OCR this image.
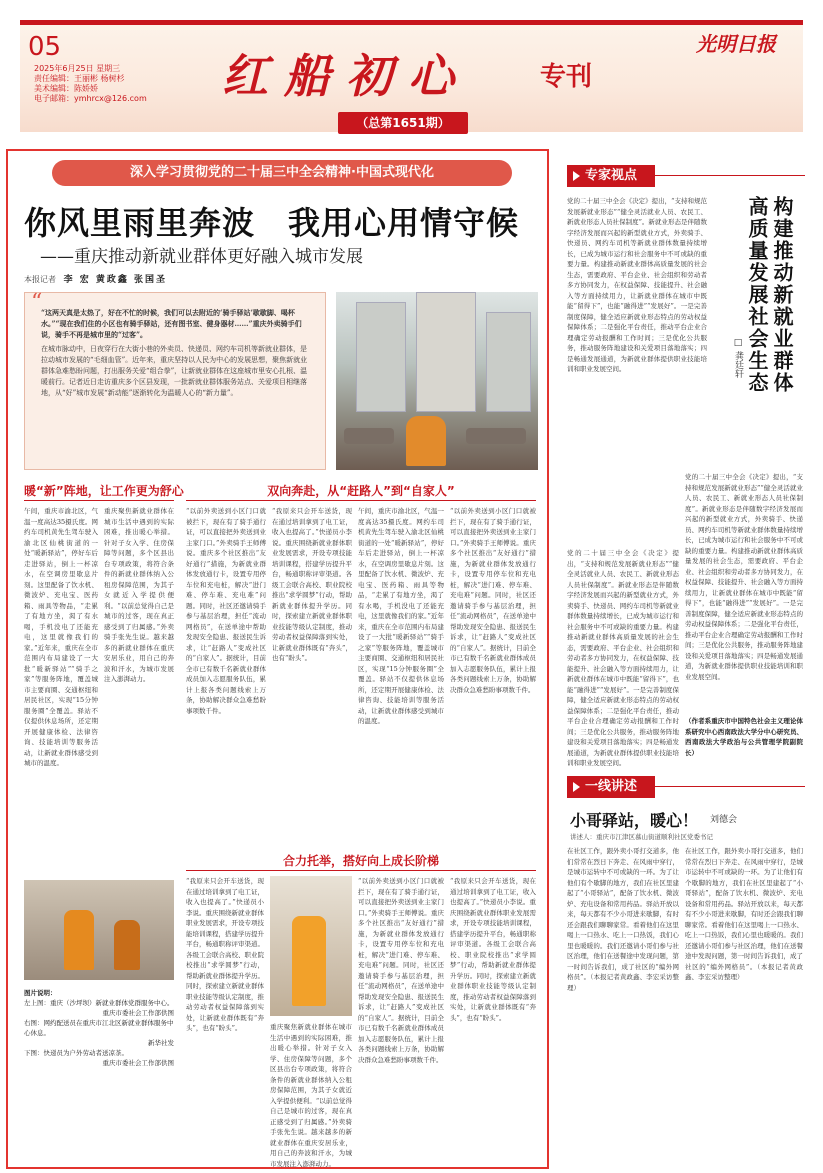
05
2025年6月25日 星期三
责任编辑：王丽彬 杨树杉
美术编辑：陈娇娇
电子邮箱：ymhrcx@126.com 红船初心	专刊
光明日报
（总第1651期）
深入学习贯彻党的二十届三中全会精神·中国式现代化
你风里雨里奔波　我用心用情守候
——重庆推动新就业群体更好融入城市发展
本报记者 李 宏 黄政鑫 张国圣
“

“这两天真是太热了，好在不忙的时候，我们可以去附近的‘骑手驿站’歇歇脚、喝杯水。”“现在我们住的小区也有骑手驿站，还有图书室、健身器材……”重庆外卖骑手们说，骑手不再是城市里的“过客”。

在城市脉动中，日夜穿行在大街小巷的外卖员、快递员、网约车司机等新就业群体，是拉动城市发展的“毛细血管”。近年来，重庆坚持以人民为中心的发展思想，聚焦新就业群体急难愁盼问题，打出服务关爱“组合拳”，让新就业群体在这座城市里安心扎根、温暖前行。记者近日走访重庆多个区县发现，一批新就业群体服务站点、关爱项目相继落地，从“好”城市发展“新动能”逐渐转化为温暖人心的“新力量”。

暖“新”阵地，让工作更为舒心
午间，重庆市渝北区，气温一度高达35摄氏度。网约车司机黄先生驾车驶入渝北区仙桃街道的一处“暖新驿站”，停好车后走进驿站，倒上一杯凉水，在空调房里歇息片刻。这里配备了饮水机、微波炉、充电宝、医药箱、雨具等物品，“走累了有地方坐，渴了有水喝，手机没电了还能充电，这里就像我们的家。”近年来，重庆在全市范围内布局建设了一大批“暖新驿站”“骑手之家”等服务阵地，覆盖城市主要商圈、交通枢纽和居民社区，实现“15分钟服务圈”全覆盖。驿站不仅提供休息场所，还定期开展健康体检、法律咨询、技能培训等服务活动，让新就业群体感受到城市的温度。
重庆聚焦新就业群体在城市生活中遇到的实际困难，推出暖心举措。针对子女入学、住房保障等问题，多个区县出台专项政策，将符合条件的新就业群体纳入公租房保障范围，为其子女就近入学提供便利。“以前总觉得自己是城市的过客，现在真正感受到了归属感。”外卖骑手张先生说。越来越多的新就业群体在重庆安居乐业，用自己的奔波和汗水，为城市发展注入澎湃动力。
双向奔赴，从“赶路人”到“自家人”
“以前外卖送到小区门口就被拦下，现在有了骑手通行证，可以直接把外卖送到业主家门口。”外卖骑手王师傅说。重庆多个社区推出“友好通行”措施，为新就业群体发放通行卡，设置专用停车位和充电桩，解决“进门难、停车难、充电难”问题。同时，社区还邀请骑手参与基层治理，担任“流动网格员”，在送单途中帮助发现安全隐患、报送民生诉求，让“赶路人”变成社区的“自家人”。据统计，目前全市已有数千名新就业群体成员加入志愿服务队伍，累计上报各类问题线索上万条，协助解决群众急难愁盼事项数千件。
“我原来只会开车送货，现在通过培训拿到了电工证，收入也提高了。”快递员小李说。重庆围绕新就业群体职业发展需求，开设专项技能培训课程，搭建学历提升平台，畅通职称评审渠道。各级工会联合高校、职业院校推出“求学圆梦”行动，帮助新就业群体提升学历。同时，探索建立新就业群体职业技能等级认定制度，推动劳动者权益保障落到实处，让新就业群体既有“奔头”，也有“盼头”。
午间，重庆市渝北区，气温一度高达35摄氏度。网约车司机黄先生驾车驶入渝北区仙桃街道的一处“暖新驿站”，停好车后走进驿站，倒上一杯凉水，在空调房里歇息片刻。这里配备了饮水机、微波炉、充电宝、医药箱、雨具等物品，“走累了有地方坐，渴了有水喝，手机没电了还能充电，这里就像我们的家。”近年来，重庆在全市范围内布局建设了一大批“暖新驿站”“骑手之家”等服务阵地，覆盖城市主要商圈、交通枢纽和居民社区，实现“15分钟服务圈”全覆盖。驿站不仅提供休息场所，还定期开展健康体检、法律咨询、技能培训等服务活动，让新就业群体感受到城市的温度。
“以前外卖送到小区门口就被拦下，现在有了骑手通行证，可以直接把外卖送到业主家门口。”外卖骑手王师傅说。重庆多个社区推出“友好通行”措施，为新就业群体发放通行卡，设置专用停车位和充电桩，解决“进门难、停车难、充电难”问题。同时，社区还邀请骑手参与基层治理，担任“流动网格员”，在送单途中帮助发现安全隐患、报送民生诉求，让“赶路人”变成社区的“自家人”。据统计，目前全市已有数千名新就业群体成员加入志愿服务队伍，累计上报各类问题线索上万条，协助解决群众急难愁盼事项数千件。
图片说明：
左上图：重庆（沙坪坝）新就业群体党群服务中心。
重庆市委社会工作部供图
右图：网约配送员在重庆市江北区新就业群体服务中心休息。
新华社发
下图：快递员为户外劳动者送凉茶。
重庆市委社会工作部供图
合力托举，搭好向上成长阶梯
“我原来只会开车送货，现在通过培训拿到了电工证，收入也提高了。”快递员小李说。重庆围绕新就业群体职业发展需求，开设专项技能培训课程，搭建学历提升平台，畅通职称评审渠道。各级工会联合高校、职业院校推出“求学圆梦”行动，帮助新就业群体提升学历。同时，探索建立新就业群体职业技能等级认定制度，推动劳动者权益保障落到实处，让新就业群体既有“奔头”，也有“盼头”。	重庆聚焦新就业群体在城市生活中遇到的实际困难，推出暖心举措。针对子女入学、住房保障等问题，多个区县出台专项政策，将符合条件的新就业群体纳入公租房保障范围，为其子女就近入学提供便利。“以前总觉得自己是城市的过客，现在真正感受到了归属感。”外卖骑手张先生说。越来越多的新就业群体在重庆安居乐业，用自己的奔波和汗水，为城市发展注入澎湃动力。
“以前外卖送到小区门口就被拦下，现在有了骑手通行证，可以直接把外卖送到业主家门口。”外卖骑手王师傅说。重庆多个社区推出“友好通行”措施，为新就业群体发放通行卡，设置专用停车位和充电桩，解决“进门难、停车难、充电难”问题。同时，社区还邀请骑手参与基层治理，担任“流动网格员”，在送单途中帮助发现安全隐患、报送民生诉求，让“赶路人”变成社区的“自家人”。据统计，目前全市已有数千名新就业群体成员加入志愿服务队伍，累计上报各类问题线索上万条，协助解决群众急难愁盼事项数千件。
“我原来只会开车送货，现在通过培训拿到了电工证，收入也提高了。”快递员小李说。重庆围绕新就业群体职业发展需求，开设专项技能培训课程，搭建学历提升平台，畅通职称评审渠道。各级工会联合高校、职业院校推出“求学圆梦”行动，帮助新就业群体提升学历。同时，探索建立新就业群体职业技能等级认定制度，推动劳动者权益保障落到实处，让新就业群体既有“奔头”，也有“盼头”。
专家视点
党的二十届三中全会《决定》提出，“支持和规范发展新就业形态”“健全灵活就业人员、农民工、新就业形态人员社保制度”。新就业形态是伴随数字经济发展而兴起的新型就业方式，外卖骑手、快递员、网约车司机等新就业群体数量持续增长，已成为城市运行和社会服务中不可或缺的重要力量。构建推动新就业群体高质量发展的社会生态，需要政府、平台企业、社会组织和劳动者多方协同发力，在权益保障、技能提升、社会融入等方面持续用力，让新就业群体在城市中既能“留得下”，也能“融得进”“发展好”。一是完善制度保障，健全适应新就业形态特点的劳动权益保障体系；二是强化平台责任，推动平台企业合理确定劳动报酬和工作时间；三是优化公共服务，推动服务阵地建设和关爱项目落地落实；四是畅通发展通道，为新就业群体提供职业技能培训和职业发展空间。	构建推动新就业群体
高质量发展社会生态
□ 龚廷轩
党的二十届三中全会《决定》提出，“支持和规范发展新就业形态”“健全灵活就业人员、农民工、新就业形态人员社保制度”。新就业形态是伴随数字经济发展而兴起的新型就业方式，外卖骑手、快递员、网约车司机等新就业群体数量持续增长，已成为城市运行和社会服务中不可或缺的重要力量。构建推动新就业群体高质量发展的社会生态，需要政府、平台企业、社会组织和劳动者多方协同发力，在权益保障、技能提升、社会融入等方面持续用力，让新就业群体在城市中既能“留得下”，也能“融得进”“发展好”。一是完善制度保障，健全适应新就业形态特点的劳动权益保障体系；二是强化平台责任，推动平台企业合理确定劳动报酬和工作时间；三是优化公共服务，推动服务阵地建设和关爱项目落地落实；四是畅通发展通道，为新就业群体提供职业技能培训和职业发展空间。
党的二十届三中全会《决定》提出，“支持和规范发展新就业形态”“健全灵活就业人员、农民工、新就业形态人员社保制度”。新就业形态是伴随数字经济发展而兴起的新型就业方式，外卖骑手、快递员、网约车司机等新就业群体数量持续增长，已成为城市运行和社会服务中不可或缺的重要力量。构建推动新就业群体高质量发展的社会生态，需要政府、平台企业、社会组织和劳动者多方协同发力，在权益保障、技能提升、社会融入等方面持续用力，让新就业群体在城市中既能“留得下”，也能“融得进”“发展好”。一是完善制度保障，健全适应新就业形态特点的劳动权益保障体系；二是强化平台责任，推动平台企业合理确定劳动报酬和工作时间；三是优化公共服务，推动服务阵地建设和关爱项目落地落实；四是畅通发展通道，为新就业群体提供职业技能培训和职业发展空间。
（作者系重庆市中国特色社会主义理论体系研究中心西南政法大学分中心研究员、西南政法大学政治与公共管理学院副院长）
一线讲述
小哥驿站，暖心！ 刘德会
讲述人：重庆市江津区慕山街道顺利社区党委书记
在社区工作，跟外卖小哥打交道多，他们常常在烈日下奔走、在风雨中穿行，是城市运转中不可或缺的一环。为了让他们有个歇脚的地方，我们在社区里建起了“小哥驿站”，配备了饮水机、微波炉、充电设备和常用药品。驿站开放以来，每天都有不少小哥进来歇脚，有时还会跟我们聊聊家常。看着他们在这里喝上一口热水、吃上一口热饭，我们心里也暖暖的。我们还邀请小哥们参与社区治理，他们在送餐途中发现问题，第一时间告诉我们，成了社区的“编外网格员”。（本报记者黄政鑫、李宏采访整理）
在社区工作，跟外卖小哥打交道多，他们常常在烈日下奔走、在风雨中穿行，是城市运转中不可或缺的一环。为了让他们有个歇脚的地方，我们在社区里建起了“小哥驿站”，配备了饮水机、微波炉、充电设备和常用药品。驿站开放以来，每天都有不少小哥进来歇脚，有时还会跟我们聊聊家常。看着他们在这里喝上一口热水、吃上一口热饭，我们心里也暖暖的。我们还邀请小哥们参与社区治理，他们在送餐途中发现问题，第一时间告诉我们，成了社区的“编外网格员”。（本报记者黄政鑫、李宏采访整理）
